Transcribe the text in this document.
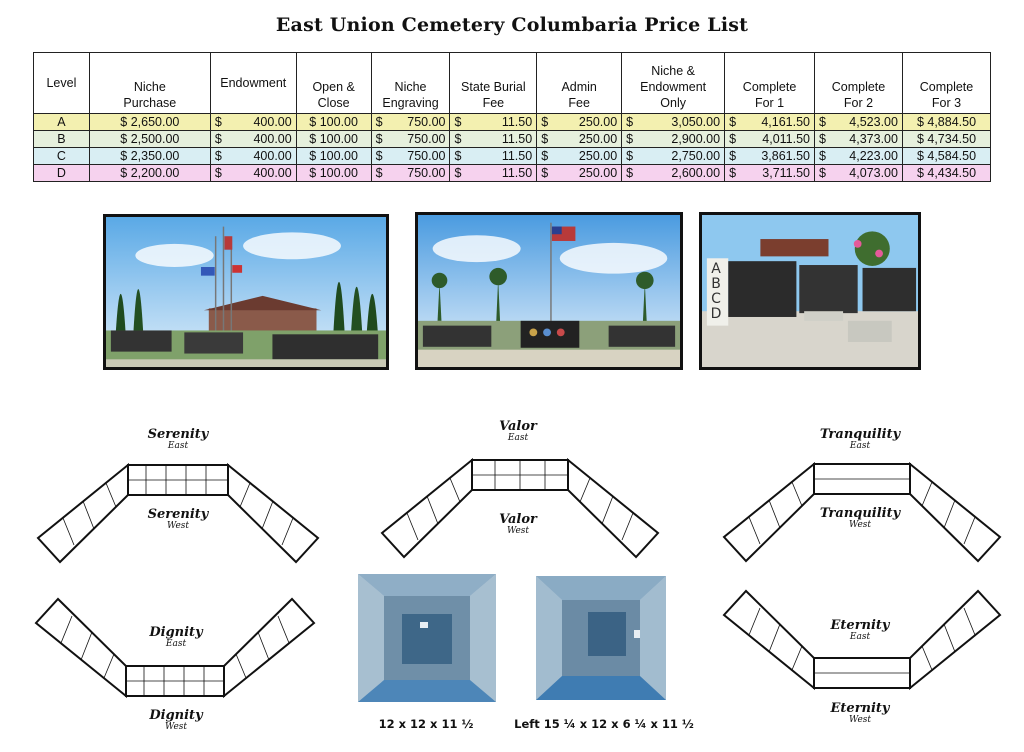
East Union Cemetery Columbaria Price List
Level	Niche Purchase	Endowment	Open & Close	Niche Engraving	State Burial Fee	Admin Fee	Niche & Endowment Only	Complete For 1	Complete For 2	Complete For 3
A	$ 2,650.00	$ 400.00	$ 100.00	$ 750.00	$ 11.50	$ 250.00	$ 3,050.00	$ 4,161.50	$ 4,523.00	$ 4,884.50
B	$ 2,500.00	$ 400.00	$ 100.00	$ 750.00	$ 11.50	$ 250.00	$ 2,900.00	$ 4,011.50	$ 4,373.00	$ 4,734.50
C	$ 2,350.00	$ 400.00	$ 100.00	$ 750.00	$ 11.50	$ 250.00	$ 2,750.00	$ 3,861.50	$ 4,223.00	$ 4,584.50
D	$ 2,200.00	$ 400.00	$ 100.00	$ 750.00	$ 11.50	$ 250.00	$ 2,600.00	$ 3,711.50	$ 4,073.00	$ 4,434.50
A
B
C
D
Serenity
East
Serenity
West
Valor
East
Valor
West
Tranquility
East
Tranquility
West
Dignity
East
Dignity
West
Eternity
East
Eternity
West
12 x 12 x 11 ½	Left 15 ¼ x 12 x 6 ¼ x 11 ½
